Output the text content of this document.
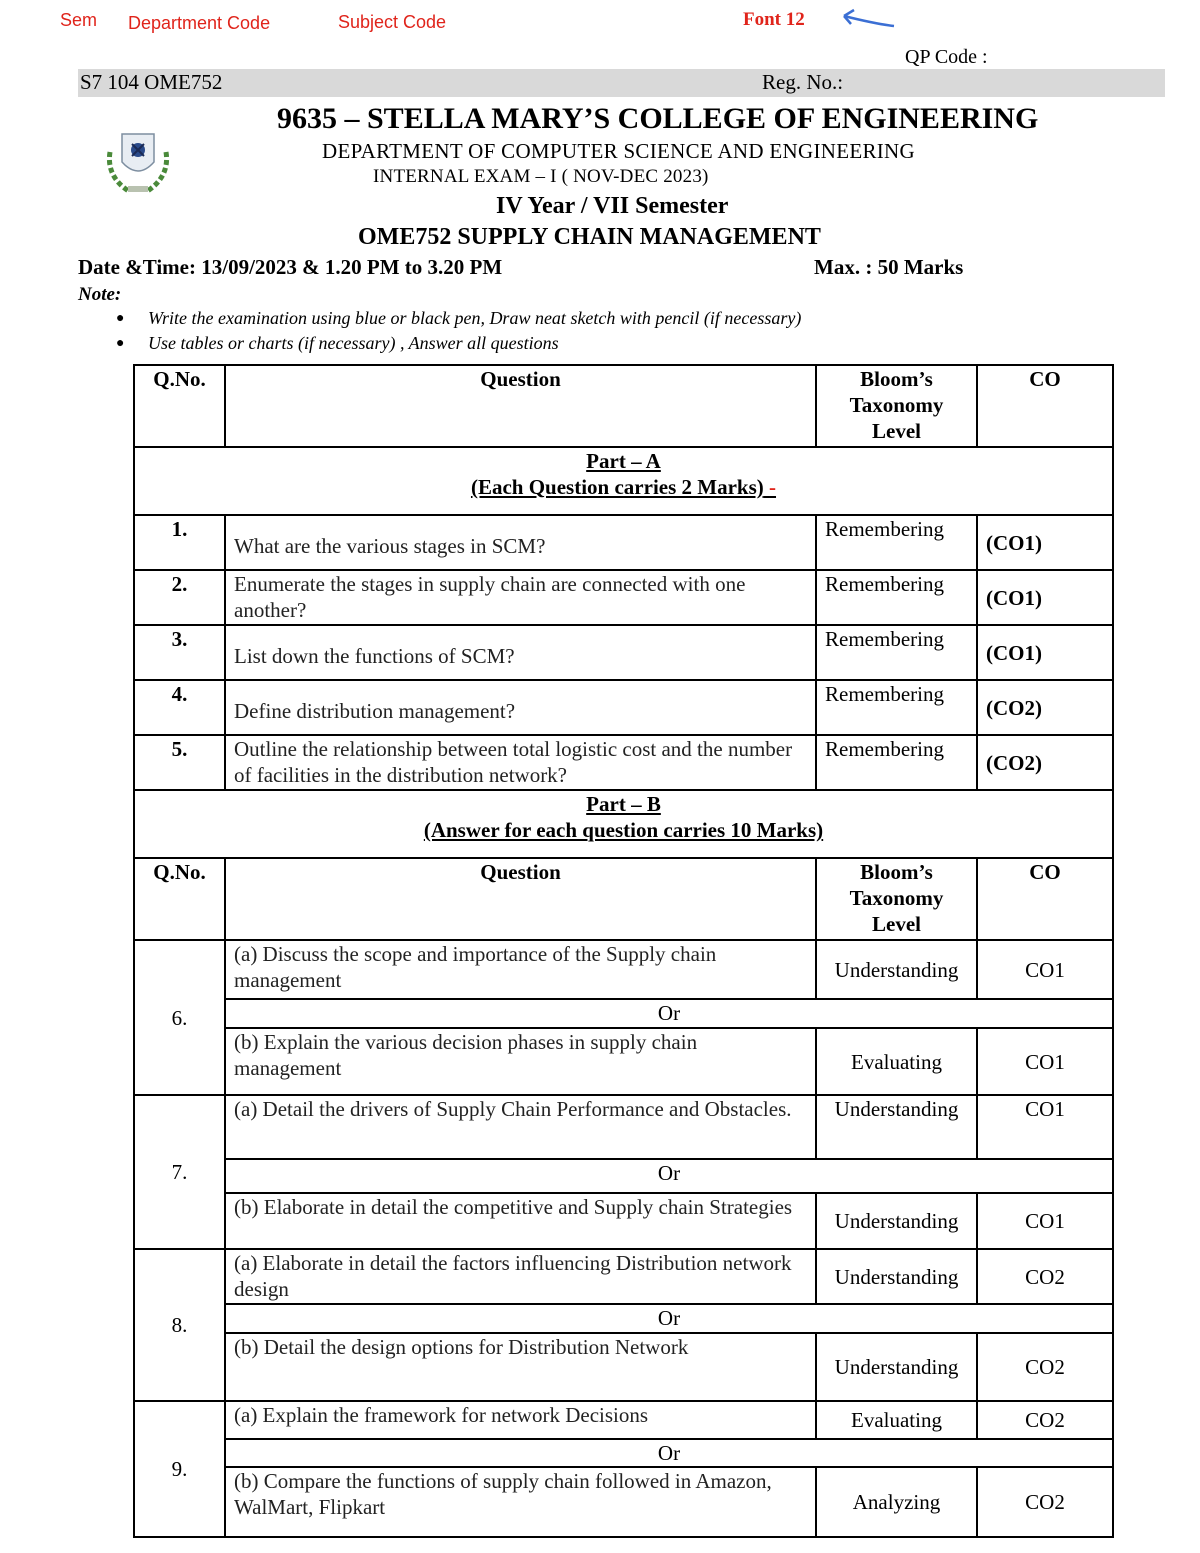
Sem Department Code	Subject Code	Font 12
QP Code :
S7 104 OME752	Reg. No.:
9635 – STELLA MARY’S COLLEGE OF ENGINEERING
DEPARTMENT OF COMPUTER SCIENCE AND ENGINEERING
INTERNAL EXAM – I ( NOV-DEC 2023)
IV Year / VII Semester
OME752 SUPPLY CHAIN MANAGEMENT
Date &Time: 13/09/2023 & 1.20 PM to 3.20 PM	Max. : 50 Marks
Note:
● Write the examination using blue or black pen, Draw neat sketch with pencil (if necessary)
● Use tables or charts (if necessary) , Answer all questions
Q.No.	Question	Bloom’s
Taxonomy
Level	CO

Part – A
(Each Question carries 2 Marks) -			

1.	What are the various stages in SCM?	Remembering	(CO1)
2.	Enumerate the stages in supply chain are connected with one another?	Remembering	(CO1)
3.	List down the functions of SCM?	Remembering	(CO1)
4.	Define distribution management?	Remembering	(CO2)
5.	Outline the relationship between total logistic cost and the number of facilities in the distribution network?	Remembering	(CO2)

Part – B
(Answer for each question carries 10 Marks)			

Q.No.	Question	Bloom’s
Taxonomy
Level	CO
6.	(a) Discuss the scope and importance of the Supply chain management	Understanding	CO1
	Or		
	(b) Explain the various decision phases in supply chain management	Evaluating	CO1
7.	(a) Detail the drivers of Supply Chain Performance and Obstacles.	Understanding	CO1
	Or		
	(b) Elaborate in detail the competitive and Supply chain Strategies	Understanding	CO1
8.	(a) Elaborate in detail the factors influencing Distribution network design	Understanding	CO2
	Or		
	(b) Detail the design options for Distribution Network	Understanding	CO2
9.	(a) Explain the framework for network Decisions	Evaluating	CO2
	Or		
	(b) Compare the functions of supply chain followed in Amazon, WalMart, Flipkart	Analyzing	CO2
